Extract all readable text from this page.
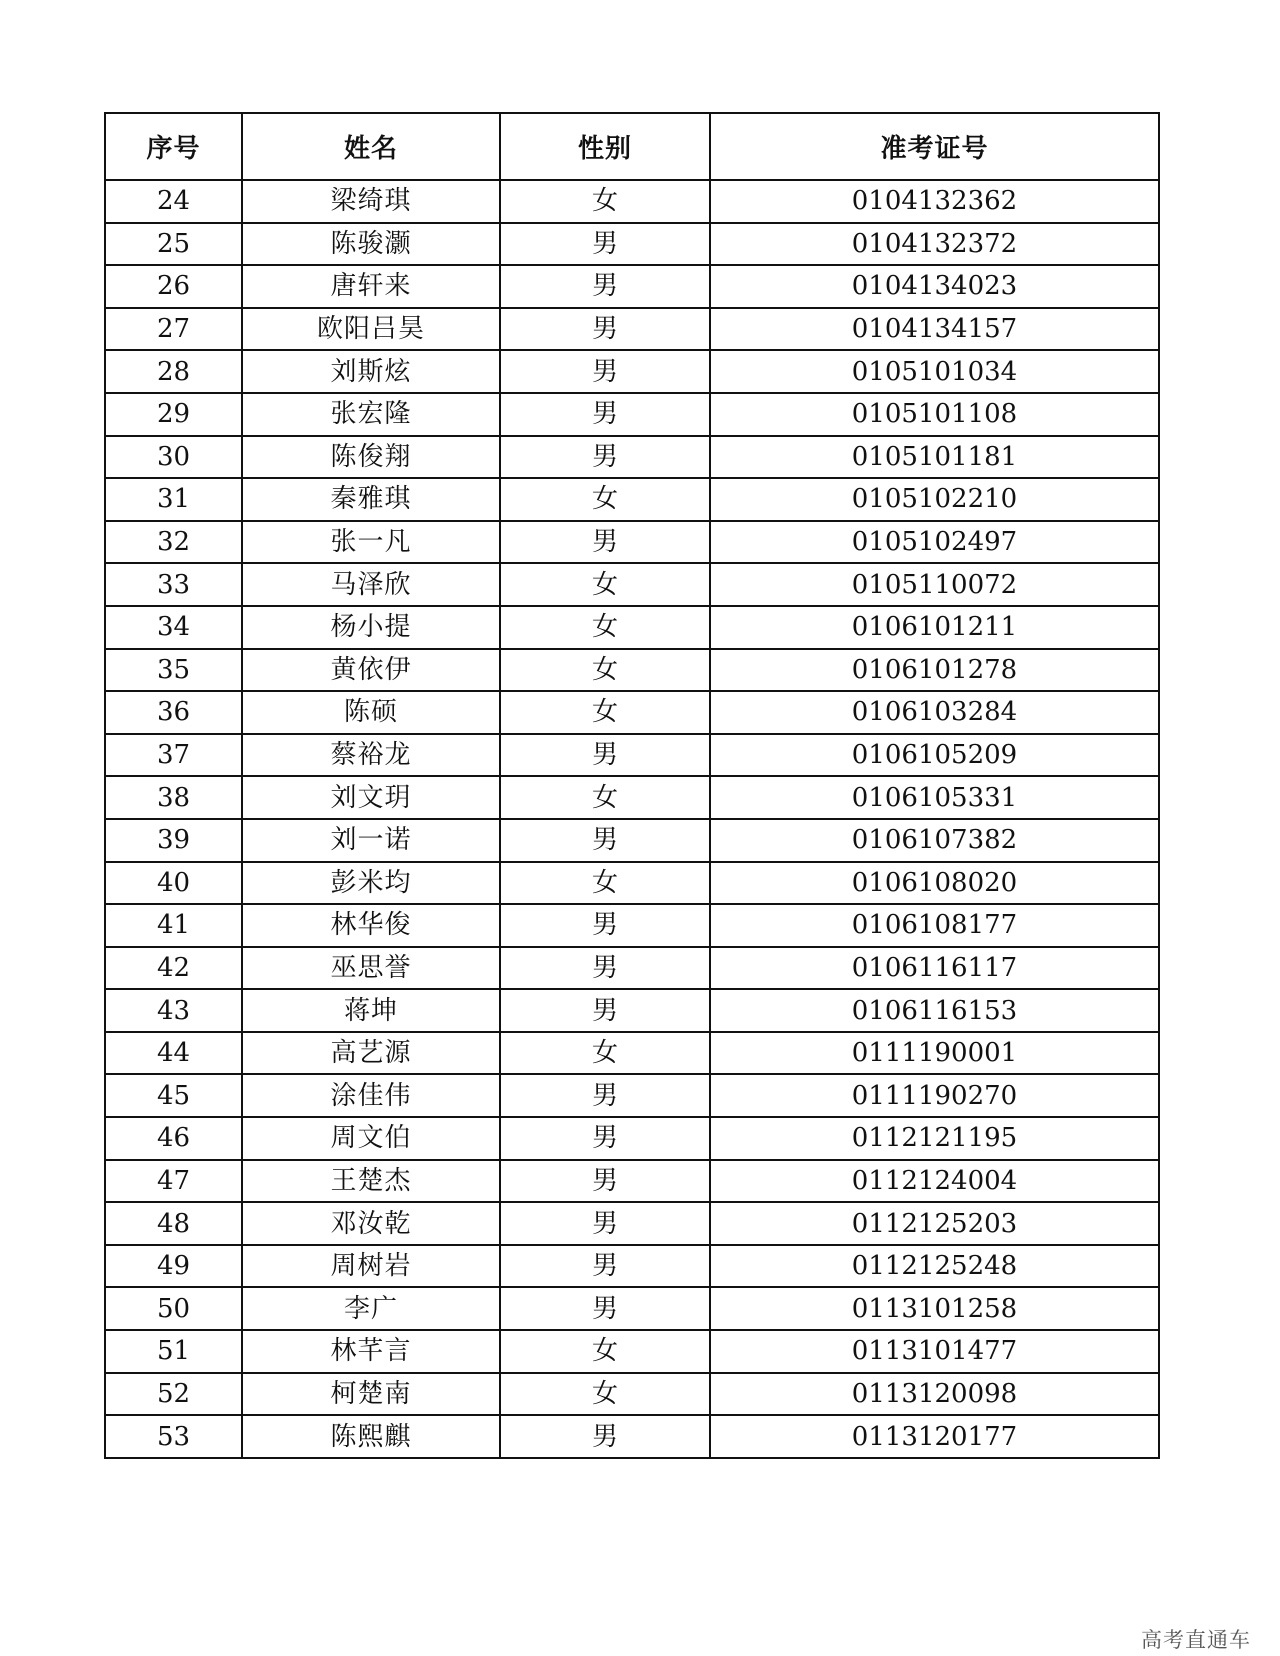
序号	姓名	性别	准考证号
24	梁绮琪	女	0104132362
25	陈骏灏	男	0104132372
26	唐轩来	男	0104134023
27	欧阳吕昊	男	0104134157
28	刘斯炫	男	0105101034
29	张宏隆	男	0105101108
30	陈俊翔	男	0105101181
31	秦雅琪	女	0105102210
32	张一凡	男	0105102497
33	马泽欣	女	0105110072
34	杨小提	女	0106101211
35	黄依伊	女	0106101278
36	陈硕	女	0106103284
37	蔡裕龙	男	0106105209
38	刘文玥	女	0106105331
39	刘一诺	男	0106107382
40	彭米均	女	0106108020
41	林华俊	男	0106108177
42	巫思誉	男	0106116117
43	蒋坤	男	0106116153
44	高艺源	女	0111190001
45	涂佳伟	男	0111190270
46	周文伯	男	0112121195
47	王楚杰	男	0112124004
48	邓汝乾	男	0112125203
49	周树岩	男	0112125248
50	李广	男	0113101258
51	林芊言	女	0113101477
52	柯楚南	女	0113120098
53	陈熙麒	男	0113120177
高考直通车
